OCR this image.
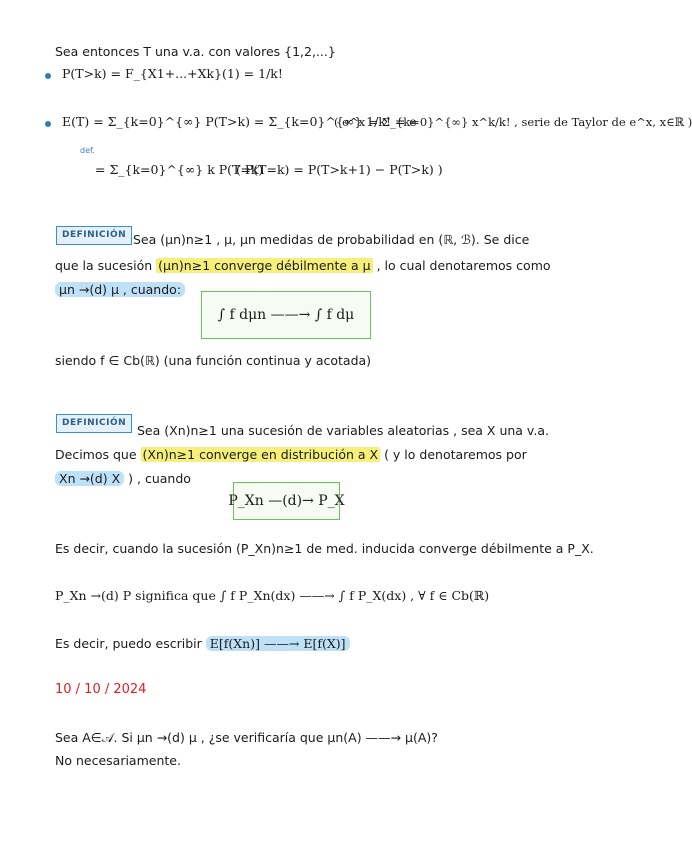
Sea entonces T una v.a. con valores {1,2,...}
P(T>k) = F_{X1+...+Xk}(1) = 1/k!
E(T) = Σ_{k=0}^{∞} P(T>k) = Σ_{k=0}^{∞} 1/k! = e
( e^x = Σ_{k=0}^{∞} x^k/k! , serie de Taylor de e^x, x∈ℝ )
def.
= Σ_{k=0}^{∞} k P(T=k)
( P(T=k) = P(T>k+1) − P(T>k) )
DEFINICIÓN Sea (μn)n≥1 , μ, μn medidas de probabilidad en (ℝ, ℬ). Se dice
que la sucesión (μn)n≥1 converge débilmente a μ , lo cual denotaremos como
μn →(d) μ , cuando:
∫ f dμn ——→ ∫ f dμ
siendo f ∈ Cb(ℝ) (una función continua y acotada)
DEFINICIÓN Sea (Xn)n≥1 una sucesión de variables aleatorias , sea X una v.a.
Decimos que (Xn)n≥1 converge en distribución a X ( y lo denotaremos por
Xn →(d) X ) , cuando
P_Xn —(d)→ P_X
Es decir, cuando la sucesión (P_Xn)n≥1 de med. inducida converge débilmente a P_X.
P_Xn →(d) P significa que ∫ f P_Xn(dx) ——→ ∫ f P_X(dx) , ∀ f ∈ Cb(ℝ)
Es decir, puedo escribir E[f(Xn)] ——→ E[f(X)]
10 / 10 / 2024
Sea A∈𝒜. Si μn →(d) μ , ¿se verificaría que μn(A) ——→ μ(A)?
No necesariamente.
